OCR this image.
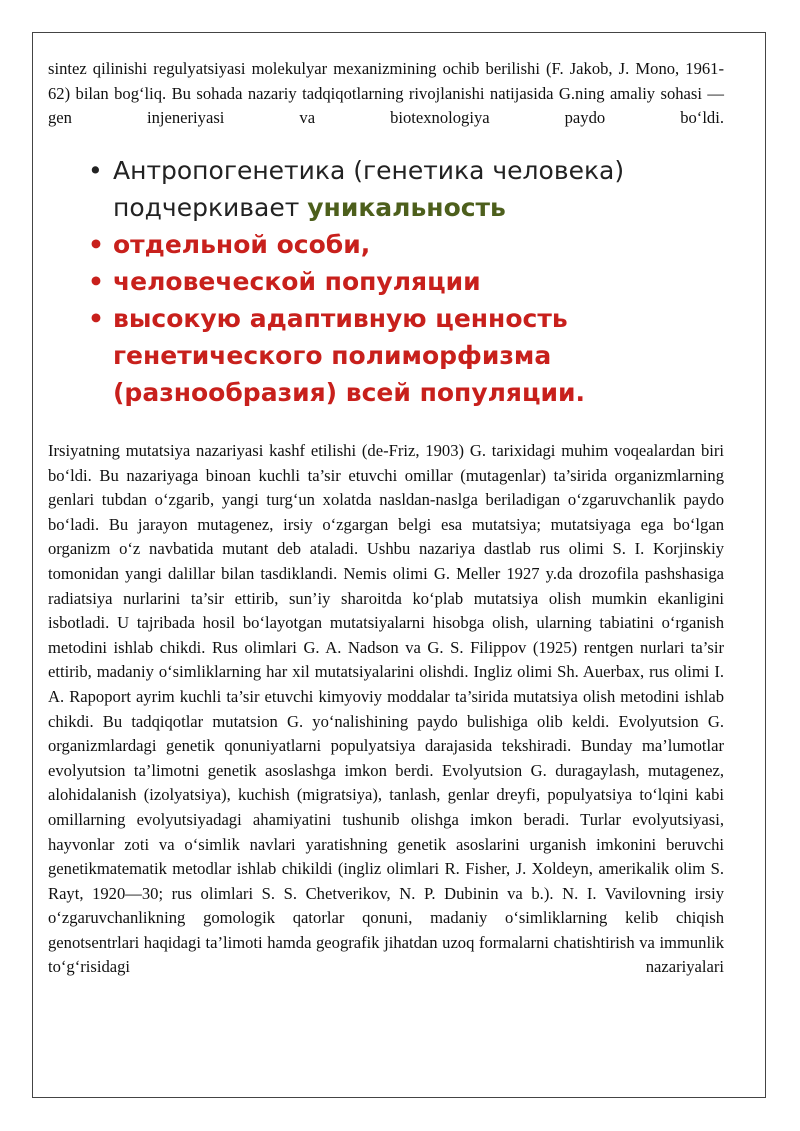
sintez qilinishi regulyatsiyasi molekulyar mexanizmining ochib berilishi (F. Jakob, J. Mono, 1961-62) bilan bog‘liq. Bu sohada nazariy tadqiqotlarning rivojlanishi natijasida G.ning amaliy sohasi — gen injeneriyasi va biotexnologiya paydo bo‘ldi.

• Антропогенетика (генетика человека)
подчеркивает уникальность
• отдельной особи,
• человеческой популяции
• высокую адаптивную ценность
генетического полиморфизма
(разнообразия) всей популяции.

Irsiyatning mutatsiya nazariyasi kashf etilishi (de-Friz, 1903) G. tarixidagi muhim voqealardan biri bo‘ldi. Bu nazariyaga binoan kuchli ta’sir etuvchi omillar (mutagenlar) ta’sirida organizmlarning genlari tubdan o‘zgarib, yangi turg‘un xolatda nasldan-naslga beriladigan o‘zgaruvchanlik paydo bo‘ladi. Bu jarayon mutagenez, irsiy o‘zgargan belgi esa mutatsiya; mutatsiyaga ega bo‘lgan organizm o‘z navbatida mutant deb ataladi. Ushbu nazariya dastlab rus olimi S. I. Korjinskiy tomonidan yangi dalillar bilan tasdiklandi. Nemis olimi G. Meller 1927 y.da drozofila pashshasiga radiatsiya nurlarini ta’sir ettirib, sun’iy sharoitda ko‘plab mutatsiya olish mumkin ekanligini isbotladi. U tajribada hosil bo‘layotgan mutatsiyalarni hisobga olish, ularning tabiatini o‘rganish metodini ishlab chikdi. Rus olimlari G. A. Nadson va G. S. Filippov (1925) rentgen nurlari ta’sir ettirib, madaniy o‘simliklarning har xil mutatsiyalarini olishdi. Ingliz olimi Sh. Auerbax, rus olimi I. A. Rapoport ayrim kuchli ta’sir etuvchi kimyoviy moddalar ta’sirida mutatsiya olish metodini ishlab chikdi. Bu tadqiqotlar mutatsion G. yo‘nalishining paydo bulishiga olib keldi. Evolyutsion G. organizmlardagi genetik qonuniyatlarni populyatsiya darajasida tekshiradi. Bunday ma’lumotlar evolyutsion ta’limotni genetik asoslashga imkon berdi. Evolyutsion G. duragaylash, mutagenez, alohidalanish (izolyatsiya), kuchish (migratsiya), tanlash, genlar dreyfi, populyatsiya to‘lqini kabi omillarning evolyutsiyadagi ahamiyatini tushunib olishga imkon beradi. Turlar evolyutsiyasi, hayvonlar zoti va o‘simlik navlari yaratishning genetik asoslarini urganish imkonini beruvchi genetikmatematik metodlar ishlab chikildi (ingliz olimlari R. Fisher, J. Xoldeyn, amerikalik olim S. Rayt, 1920—30; rus olimlari S. S. Chetverikov, N. P. Dubinin va b.). N. I. Vavilovning irsiy o‘zgaruvchanlikning gomologik qatorlar qonuni, madaniy o‘simliklarning kelib chiqish genotsentrlari haqidagi ta’limoti hamda geografik jihatdan uzoq formalarni chatishtirish va immunlik to‘g‘risidagi nazariyalari
